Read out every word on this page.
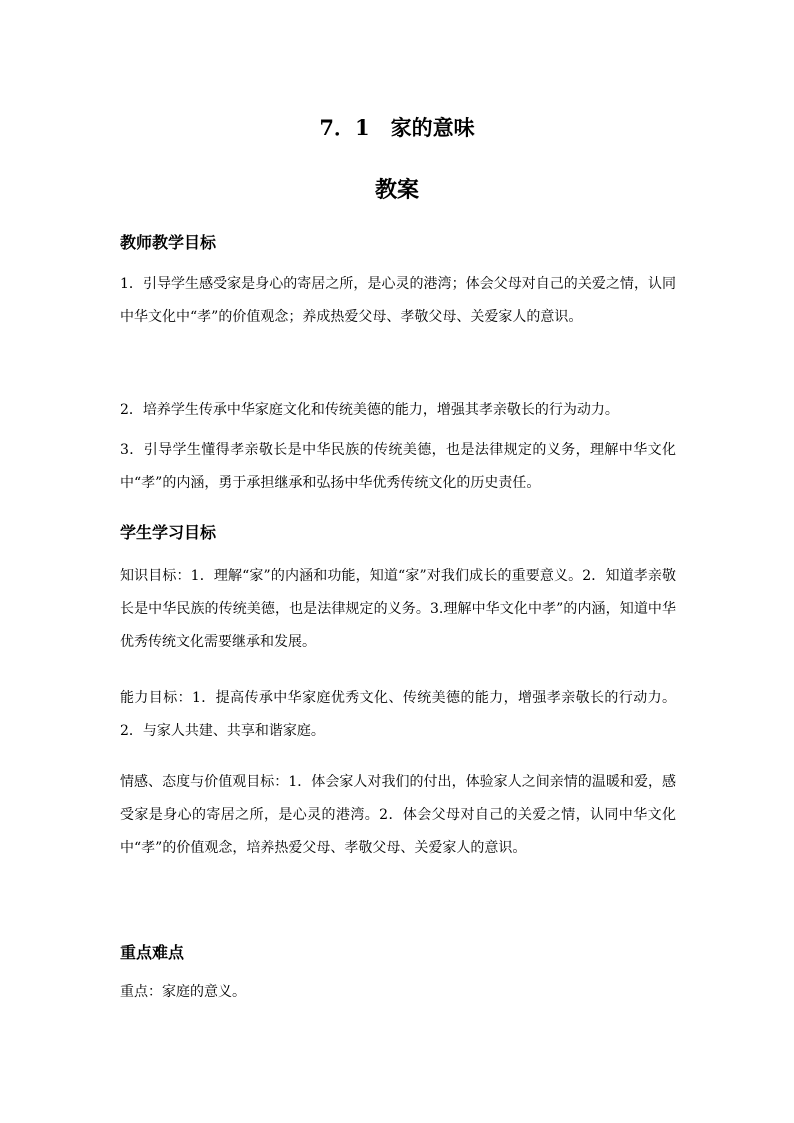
7．1　家的意味
教案
教师教学目标

1．引导学生感受家是身心的寄居之所，是心灵的港湾；体会父母对自己的关爱之情，认同中华文化中“孝”的价值观念；养成热爱父母、孝敬父母、关爱家人的意识。

2．培养学生传承中华家庭文化和传统美德的能力，增强其孝亲敬长的行为动力。

3．引导学生懂得孝亲敬长是中华民族的传统美德，也是法律规定的义务，理解中华文化中“孝”的内涵，勇于承担继承和弘扬中华优秀传统文化的历史责任。

学生学习目标

知识目标：1．理解“家”的内涵和功能，知道“家”对我们成长的重要意义。2．知道孝亲敬长是中华民族的传统美德，也是法律规定的义务。3.理解中华文化中孝”的内涵，知道中华优秀传统文化需要继承和发展。

能力目标：1．提高传承中华家庭优秀文化、传统美德的能力，增强孝亲敬长的行动力。2．与家人共建、共享和谐家庭。

情感、态度与价值观目标：1．体会家人对我们的付出，体验家人之间亲情的温暖和爱，感受家是身心的寄居之所，是心灵的港湾。2．体会父母对自己的关爱之情，认同中华文化中“孝”的价值观念，培养热爱父母、孝敬父母、关爱家人的意识。

重点难点

重点：家庭的意义。
